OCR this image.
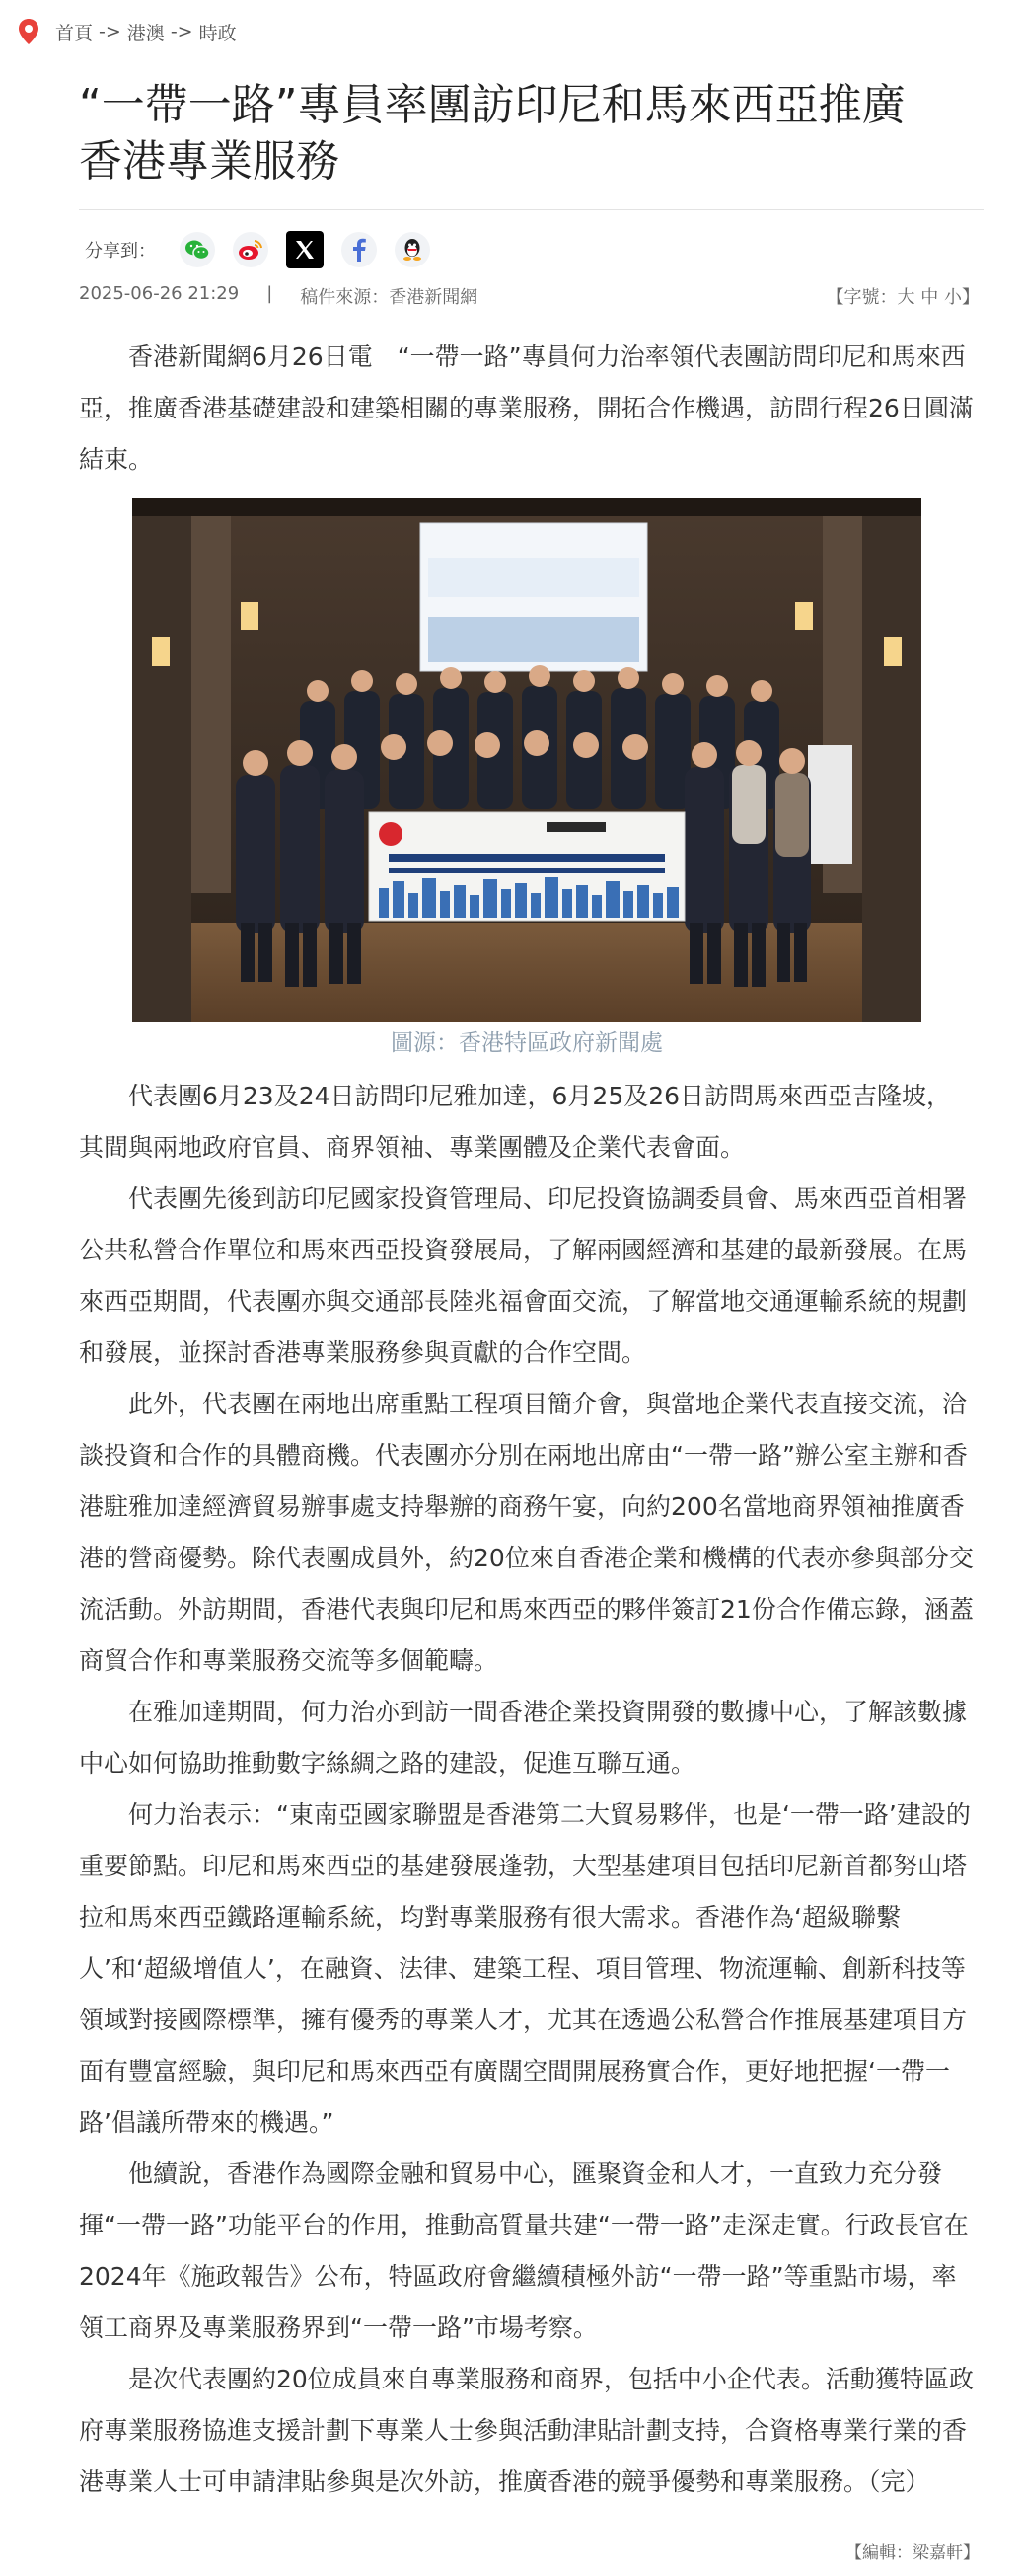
首頁 -> 港澳 -> 時政
“一帶一路”專員率團訪印尼和馬來西亞推廣
香港專業服務
分享到：
2025-06-26 21:29 | 稿件來源： 香港新聞網	【字號：大 中 小】

香港新聞網6月26日電　“一帶一路”專員何力治率領代表團訪問印尼和馬來西亞，推廣香港基礎建設和建築相關的專業服務，開拓合作機遇，訪問行程26日圓滿結束。

圖源：香港特區政府新聞處

代表團6月23及24日訪問印尼雅加達，6月25及26日訪問馬來西亞吉隆坡，其間與兩地政府官員、商界領袖、專業團體及企業代表會面。

代表團先後到訪印尼國家投資管理局、印尼投資協調委員會、馬來西亞首相署公共私營合作單位和馬來西亞投資發展局，了解兩國經濟和基建的最新發展。在馬來西亞期間，代表團亦與交通部長陸兆福會面交流，了解當地交通運輸系統的規劃和發展，並探討香港專業服務參與貢獻的合作空間。

此外，代表團在兩地出席重點工程項目簡介會，與當地企業代表直接交流，洽談投資和合作的具體商機。代表團亦分別在兩地出席由“一帶一路”辦公室主辦和香港駐雅加達經濟貿易辦事處支持舉辦的商務午宴，向約200名當地商界領袖推廣香港的營商優勢。除代表團成員外，約20位來自香港企業和機構的代表亦參與部分交流活動。外訪期間，香港代表與印尼和馬來西亞的夥伴簽訂21份合作備忘錄，涵蓋商貿合作和專業服務交流等多個範疇。

在雅加達期間，何力治亦到訪一間香港企業投資開發的數據中心，了解該數據中心如何協助推動數字絲綢之路的建設，促進互聯互通。

何力治表示：“東南亞國家聯盟是香港第二大貿易夥伴，也是‘一帶一路’建設的重要節點。印尼和馬來西亞的基建發展蓬勃，大型基建項目包括印尼新首都努山塔拉和馬來西亞鐵路運輸系統，均對專業服務有很大需求。香港作為‘超級聯繫人’和‘超級增值人’，在融資、法律、建築工程、項目管理、物流運輸、創新科技等領域對接國際標準，擁有優秀的專業人才，尤其在透過公私營合作推展基建項目方面有豐富經驗，與印尼和馬來西亞有廣闊空間開展務實合作，更好地把握‘一帶一路’倡議所帶來的機遇。”

他續說，香港作為國際金融和貿易中心，匯聚資金和人才，一直致力充分發揮“一帶一路”功能平台的作用，推動高質量共建“一帶一路”走深走實。行政長官在2024年《施政報告》公布，特區政府會繼續積極外訪“一帶一路”等重點市場，率領工商界及專業服務界到“一帶一路”市場考察。

是次代表團約20位成員來自專業服務和商界，包括中小企代表。活動獲特區政府專業服務協進支援計劃下專業人士參與活動津貼計劃支持，合資格專業行業的香港專業人士可申請津貼參與是次外訪，推廣香港的競爭優勢和專業服務。（完）

【編輯：梁嘉軒】
